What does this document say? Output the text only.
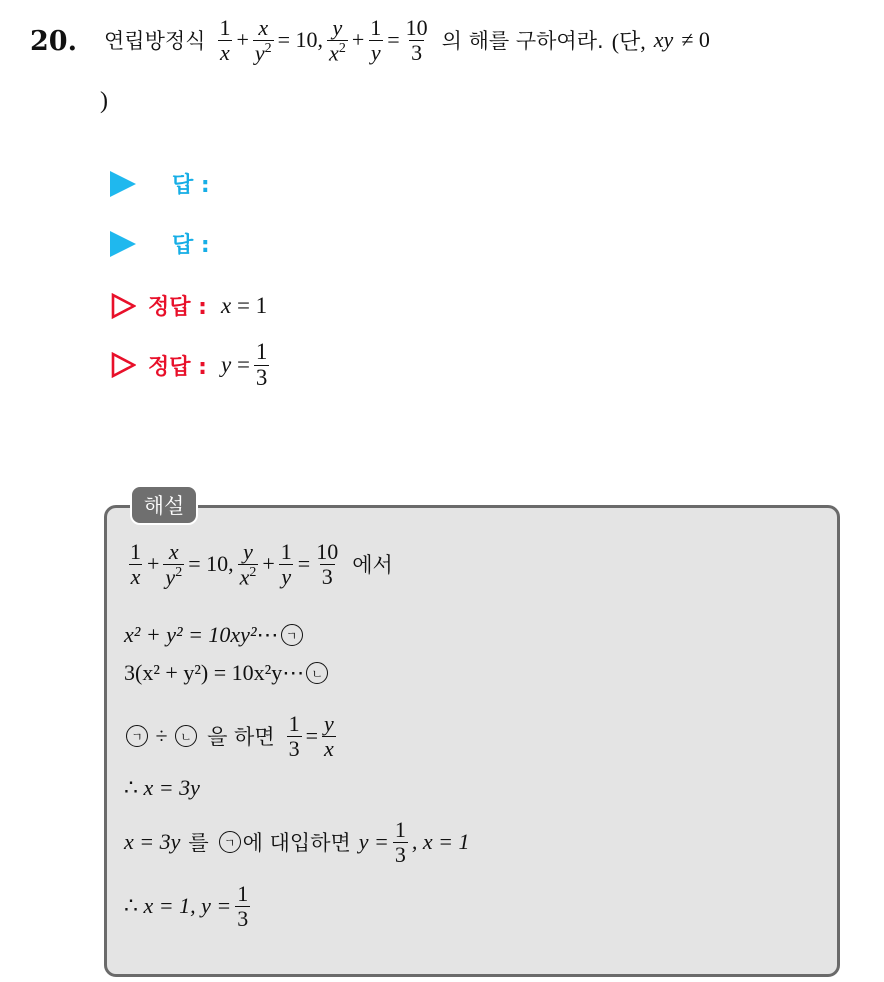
20. 연립방정식 $\frac{1}{x} + \frac{x}{y^2} = 10$, $\frac{y}{x^2} + \frac{1}{y} = \frac{10}{3}$ 의 해를 구하여라. (단, xy ≠ 0
)
답 :
답 :
정답 : x
= 1
정답 : y
= $\frac{1}{3}$
해설
$\frac{1}{x} + \frac{x}{y^2} = 10$, $\frac{y}{x^2} + \frac{1}{y} = \frac{10}{3}$ 에서
x² + y² = 10xy² ⋯ ㄱ
3(x² + y²) = 10x²y ⋯ ㄴ
ㄱ
÷
	ㄴ 을 하면 $\frac{1}{3} = \frac{y}{x}$
∴
x = 3y
x = 3y 를	ㄱ 에 대입하면 $y = \frac{1}{3}$ , x = 1
∴
x = 1, $y = \frac{1}{3}$
